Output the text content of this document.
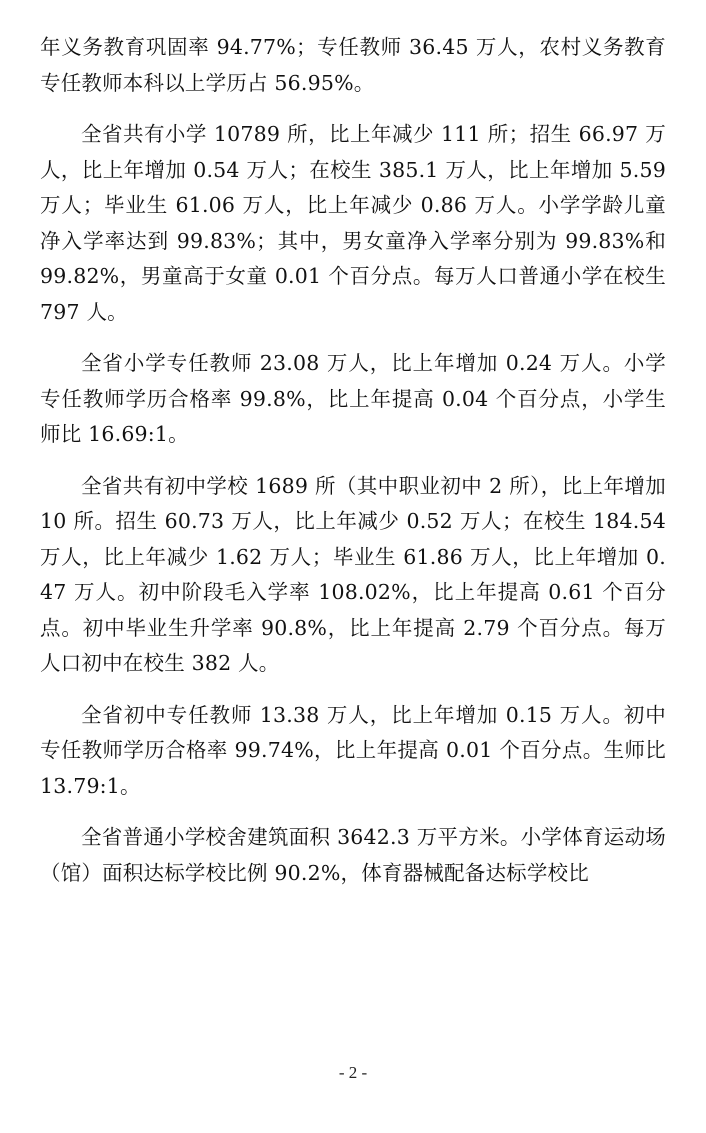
年义务教育巩固率 94.77%；专任教师 36.45 万人，农村义务教育专任教师本科以上学历占 56.95%。

全省共有小学 10789 所，比上年减少 111 所；招生 66.97 万人，比上年增加 0.54 万人；在校生 385.1 万人，比上年增加 5.59 万人；毕业生 61.06 万人，比上年减少 0.86 万人。小学学龄儿童净入学率达到 99.83%；其中，男女童净入学率分别为 99.83%和 99.82%，男童高于女童 0.01 个百分点。每万人口普通小学在校生 797 人。

全省小学专任教师 23.08 万人，比上年增加 0.24 万人。小学专任教师学历合格率 99.8%，比上年提高 0.04 个百分点，小学生师比 16.69:1。

全省共有初中学校 1689 所（其中职业初中 2 所），比上年增加 10 所。招生 60.73 万人，比上年减少 0.52 万人；在校生 184.54 万人，比上年减少 1.62 万人；毕业生 61.86 万人，比上年增加 0.47 万人。初中阶段毛入学率 108.02%，比上年提高 0.61 个百分点。初中毕业生升学率 90.8%，比上年提高 2.79 个百分点。每万人口初中在校生 382 人。

全省初中专任教师 13.38 万人，比上年增加 0.15 万人。初中专任教师学历合格率 99.74%，比上年提高 0.01 个百分点。生师比 13.79:1。

全省普通小学校舍建筑面积 3642.3 万平方米。小学体育运动场（馆）面积达标学校比例 90.2%，体育器械配备达标学校比

- 2 -
